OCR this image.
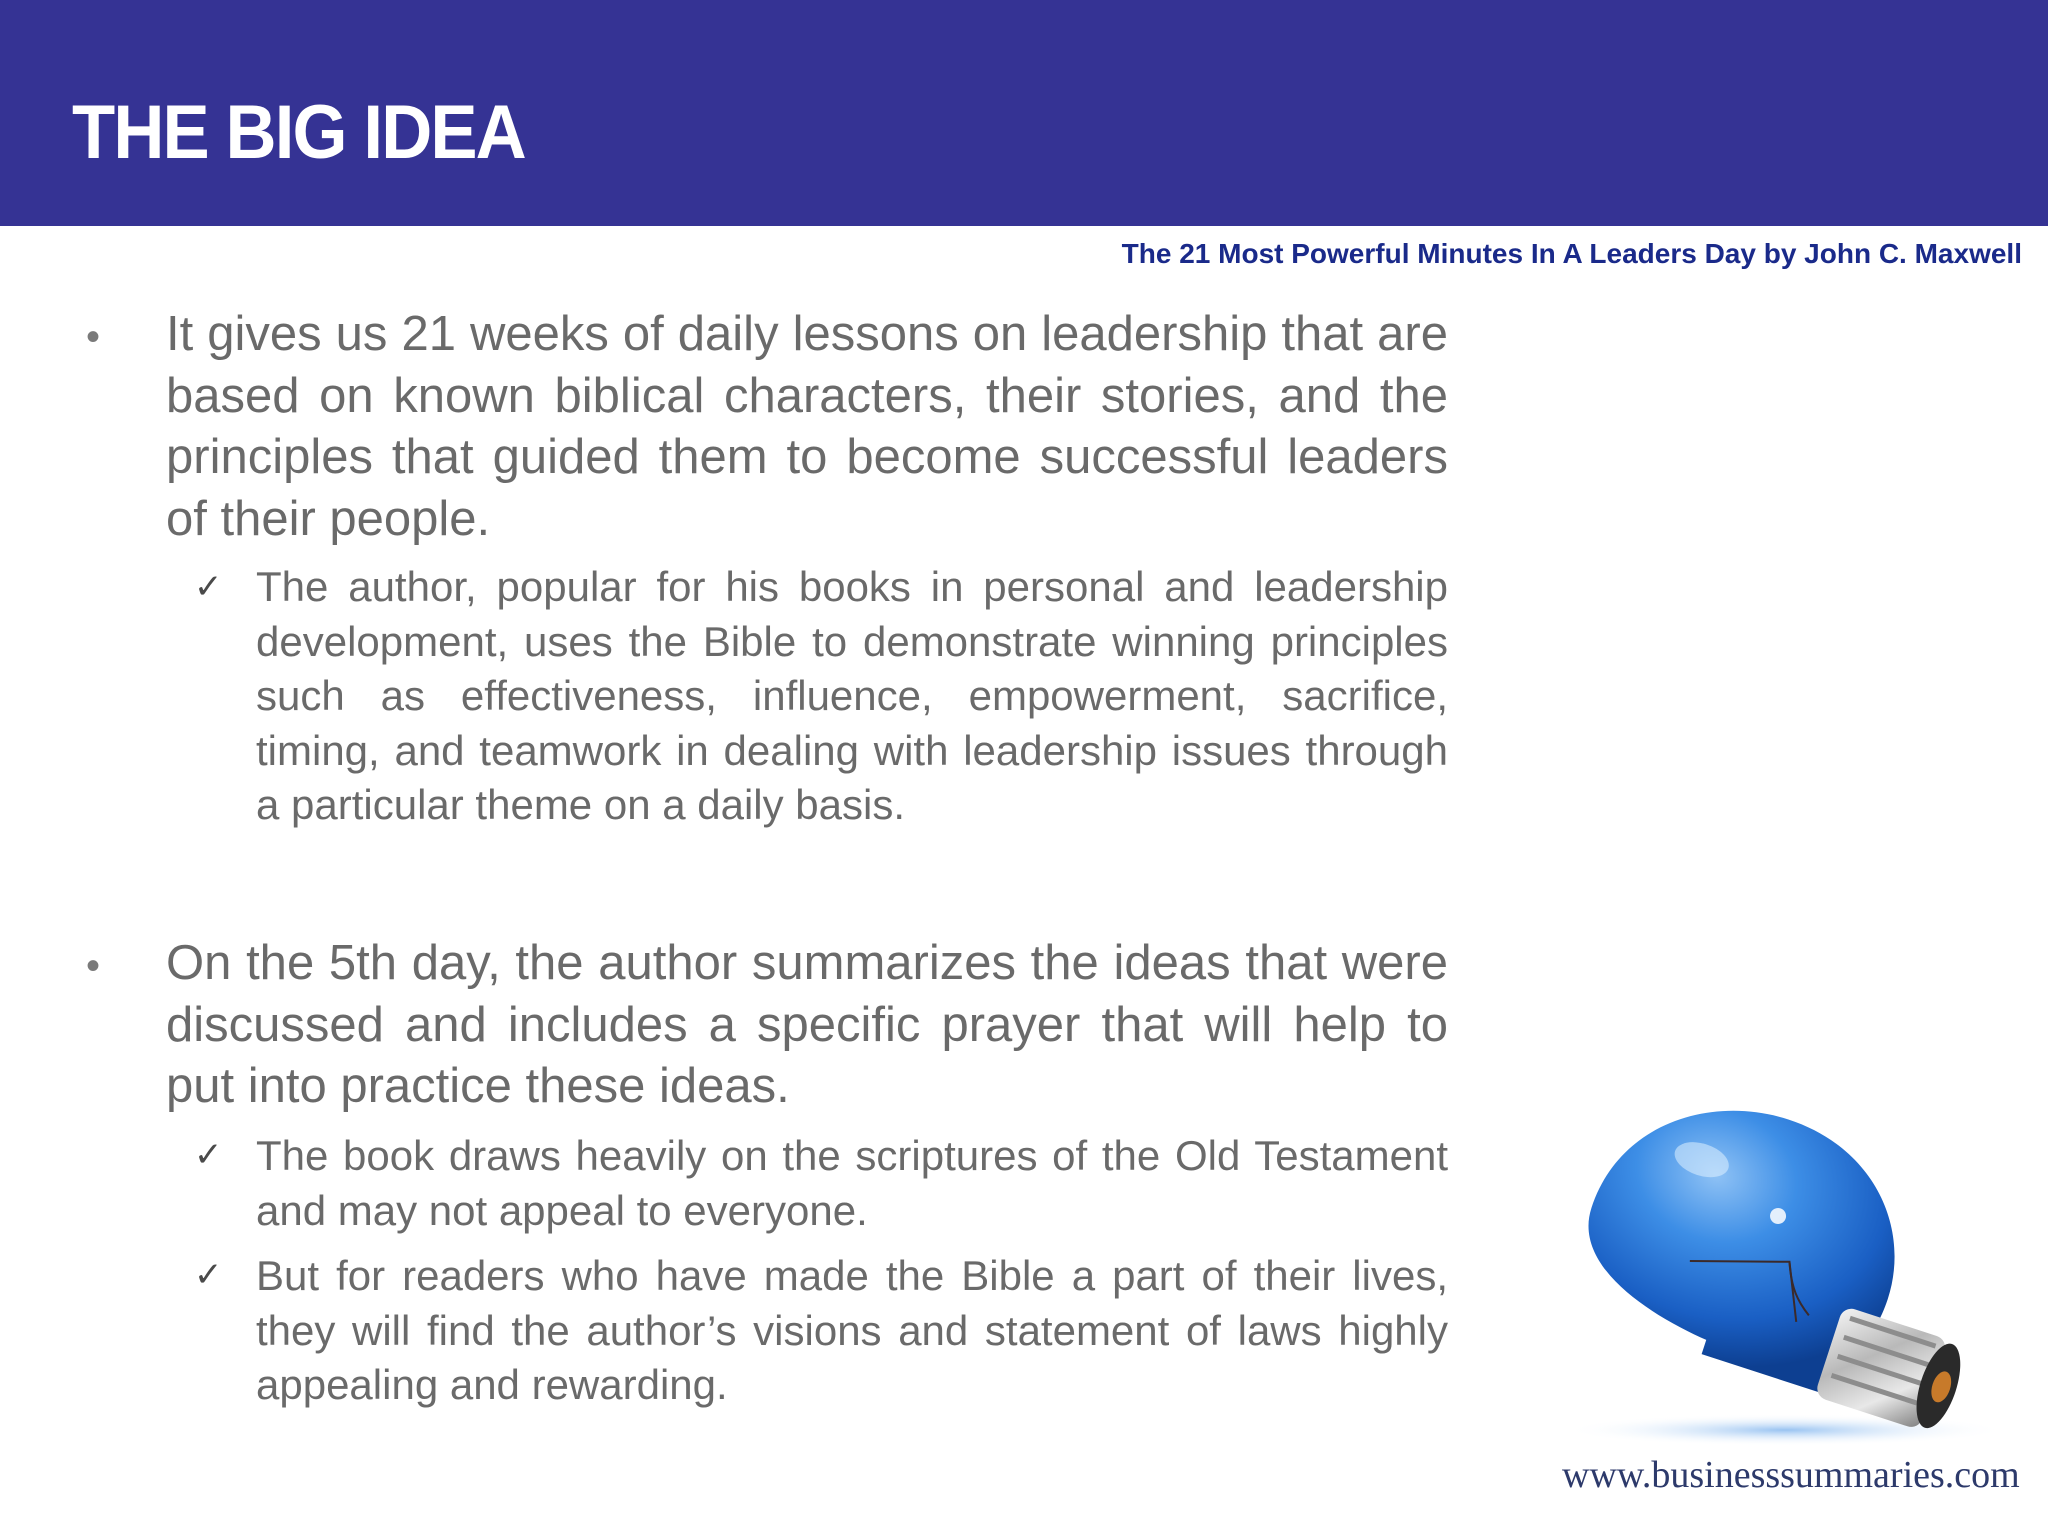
THE BIG IDEA
The 21 Most Powerful Minutes In A Leaders Day by John C. Maxwell
• It gives us 21 weeks of daily lessons on leadership that are based on known biblical characters, their stories, and the principles that guided them to become successful leaders of their people.
✓ The author, popular for his books in personal and leadership development, uses the Bible to demonstrate winning principles such as effectiveness, influence, empowerment, sacrifice, timing, and teamwork in dealing with leadership issues through a particular theme on a daily basis.
• On the 5th day, the author summarizes the ideas that were discussed and includes a specific prayer that will help to put into practice these ideas.
✓ The book draws heavily on the scriptures of the Old Testament and may not appeal to everyone.
✓ But for readers who have made the Bible a part of their lives, they will find the author’s visions and statement of laws highly appealing and rewarding.
www.businesssummaries.com
